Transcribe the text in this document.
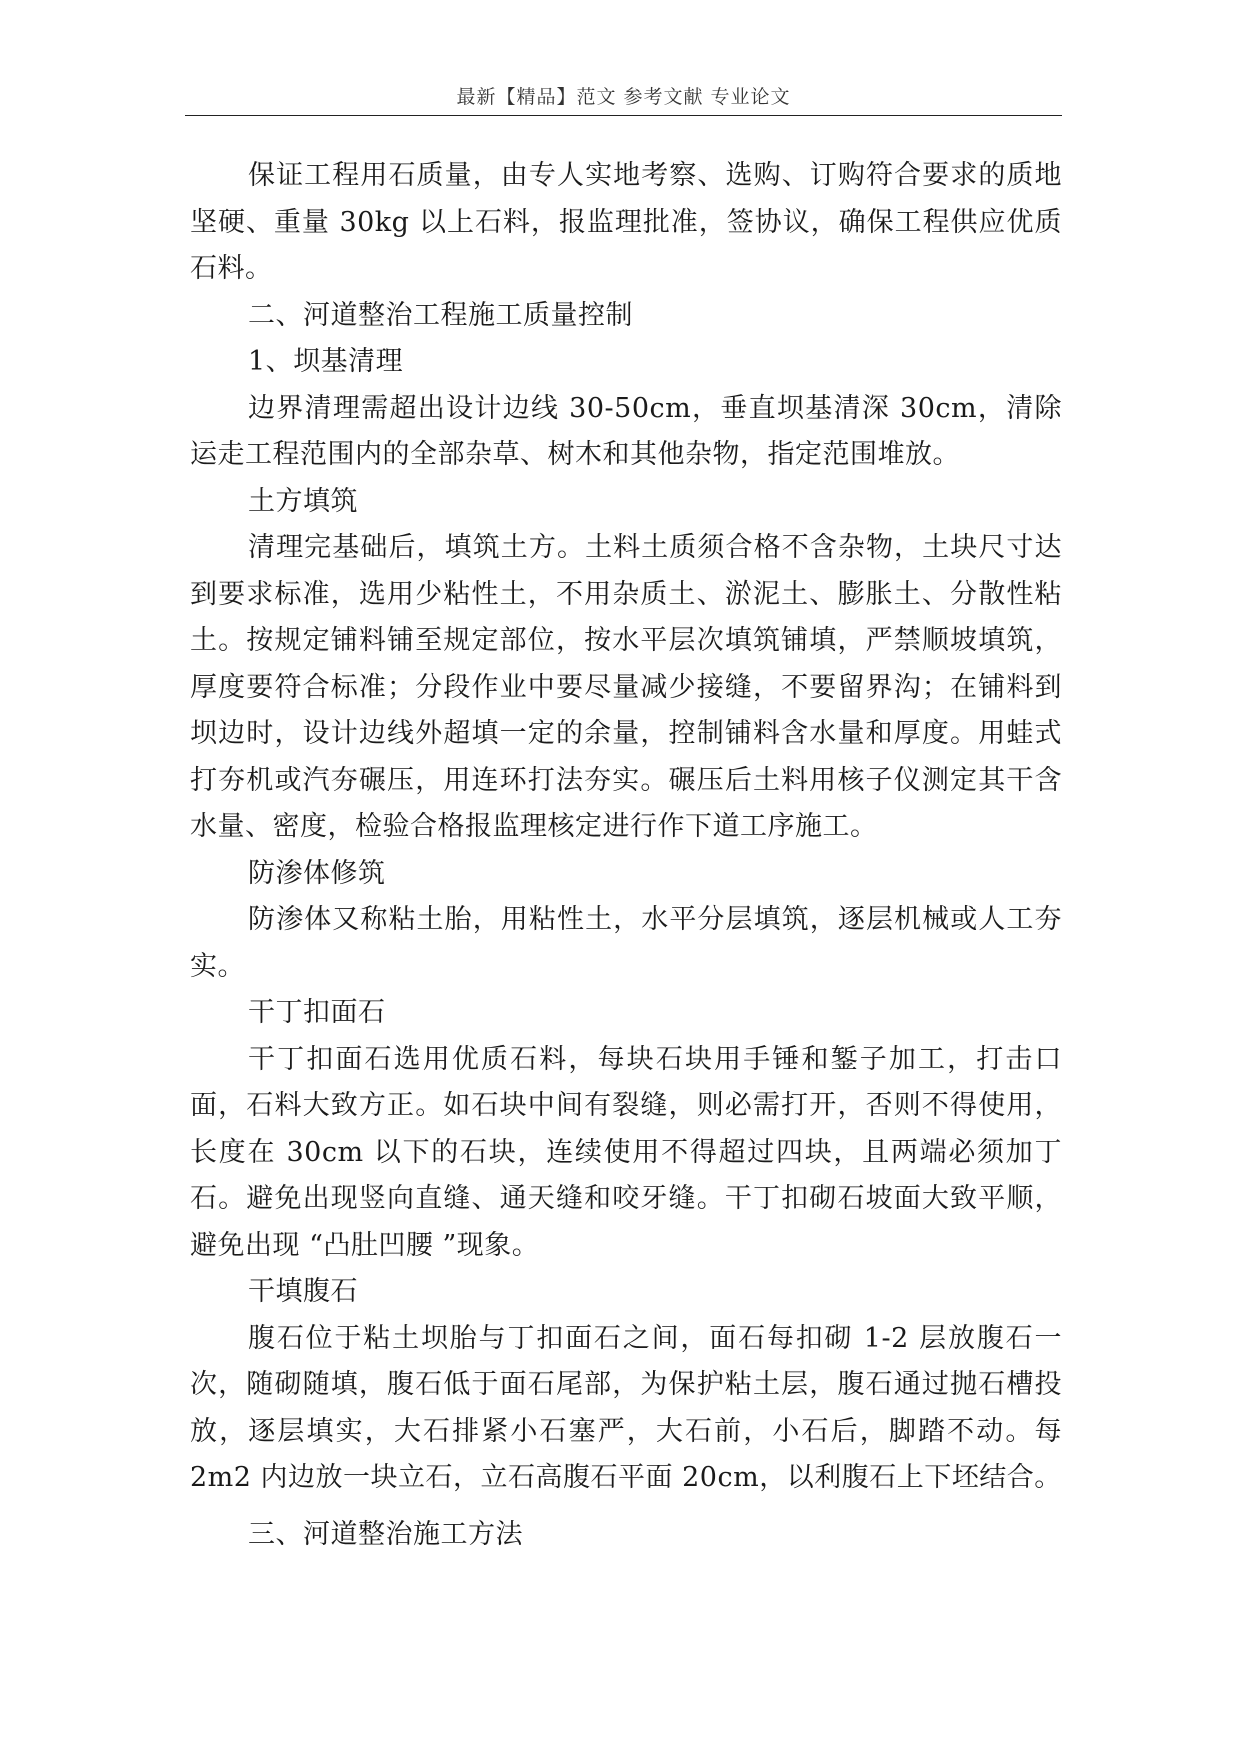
最新【精品】范文 参考文献 专业论文

保证工程用石质量，由专人实地考察、选购、订购符合要求的质地坚硬、重量 30kg 以上石料，报监理批准，签协议，确保工程供应优质石料。

二、河道整治工程施工质量控制

1、坝基清理

边界清理需超出设计边线 30-50cm，垂直坝基清深 30cm，清除运走工程范围内的全部杂草、树木和其他杂物，指定范围堆放。

土方填筑

清理完基础后，填筑土方。土料土质须合格不含杂物，土块尺寸达到要求标准，选用少粘性土，不用杂质土、淤泥土、膨胀土、分散性粘土。按规定铺料铺至规定部位，按水平层次填筑铺填，严禁顺坡填筑，厚度要符合标准；分段作业中要尽量减少接缝，不要留界沟；在铺料到坝边时，设计边线外超填一定的余量，控制铺料含水量和厚度。用蛙式打夯机或汽夯碾压，用连环打法夯实。碾压后土料用核子仪测定其干含水量、密度，检验合格报监理核定进行作下道工序施工。

防渗体修筑

防渗体又称粘土胎，用粘性土，水平分层填筑，逐层机械或人工夯实。

干丁扣面石

干丁扣面石选用优质石料，每块石块用手锤和錾子加工，打击口面，石料大致方正。如石块中间有裂缝，则必需打开，否则不得使用，长度在 30cm 以下的石块，连续使用不得超过四块，且两端必须加丁石。避免出现竖向直缝、通天缝和咬牙缝。干丁扣砌石坡面大致平顺，避免出现 “凸肚凹腰 ”现象。

干填腹石

腹石位于粘土坝胎与丁扣面石之间，面石每扣砌 1-2 层放腹石一次，随砌随填，腹石低于面石尾部，为保护粘土层，腹石通过抛石槽投放，逐层填实，大石排紧小石塞严，大石前，小石后，脚踏不动。每 2m2 内边放一块立石，立石高腹石平面 20cm，以利腹石上下坯结合。

三、河道整治施工方法
